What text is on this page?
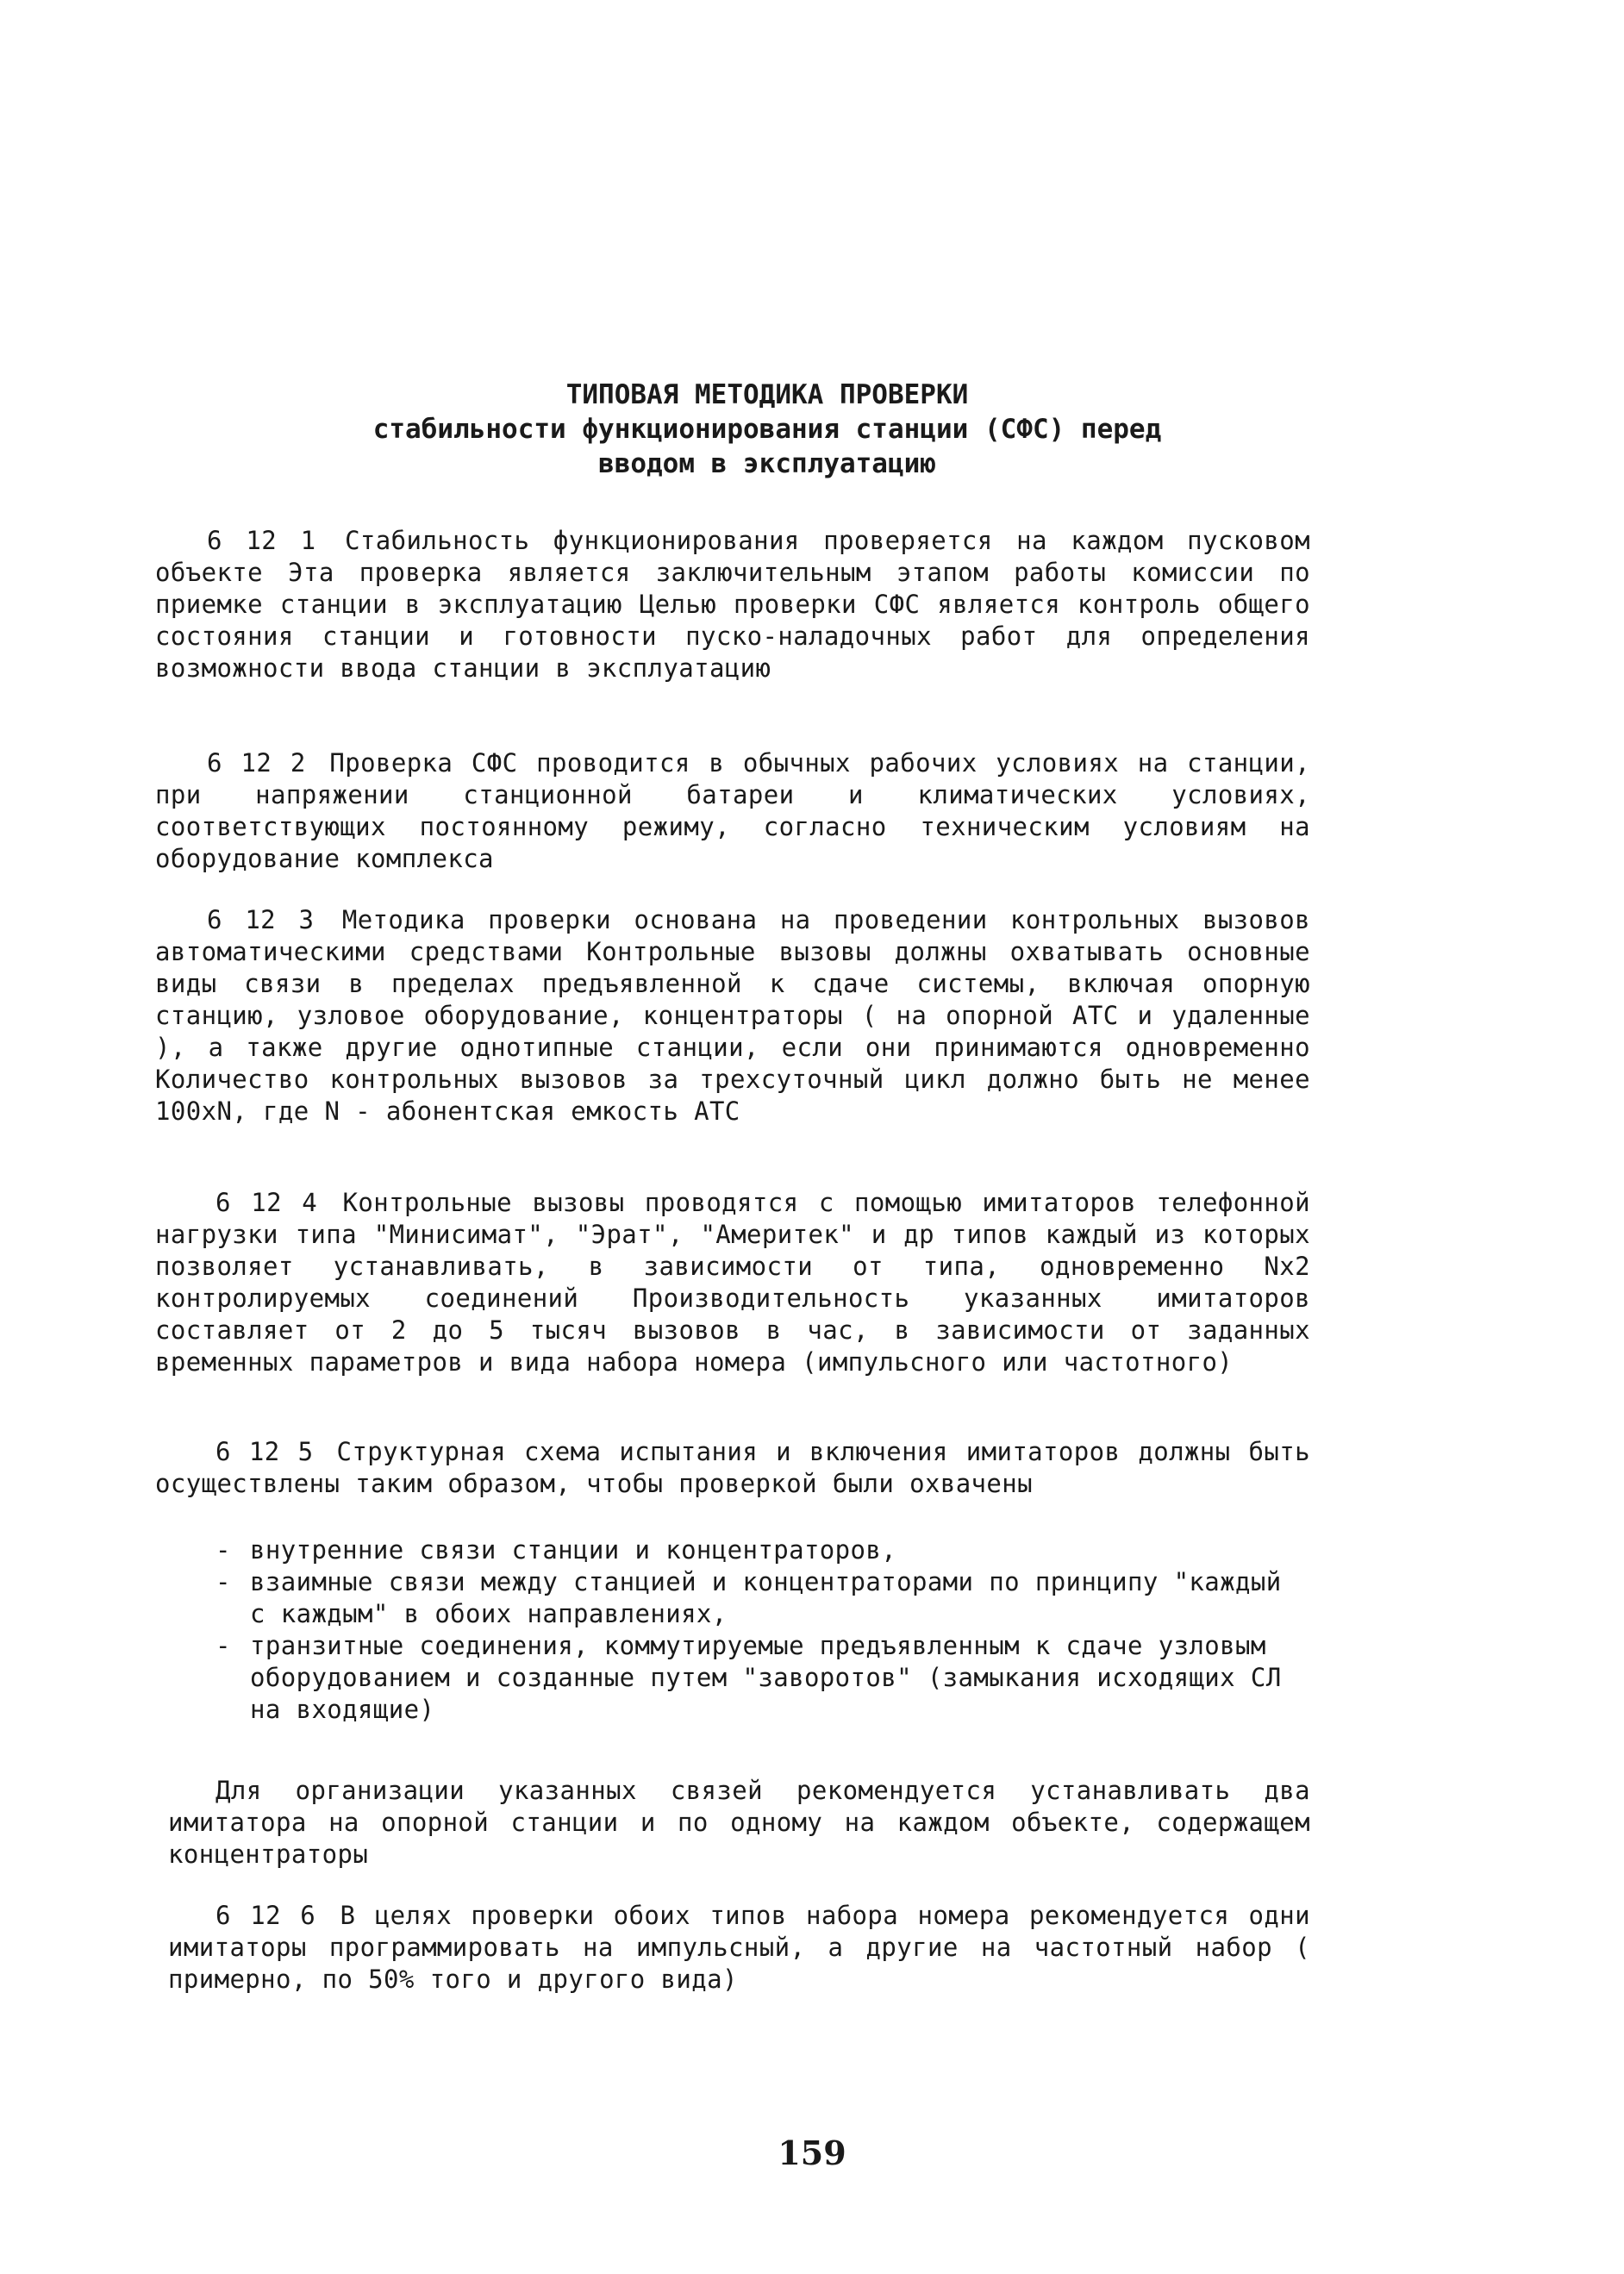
ТИПОВАЯ МЕТОДИКА ПРОВЕРКИ
стабильности функционирования станции (СФС) перед
вводом в эксплуатацию

6 12 1 Стабильность функционирования проверяется на каждом пусковом объекте Эта проверка является заключительным этапом работы комиссии по приемке станции в эксплуатацию Целью проверки СФС является контроль общего состояния станции и готовности пуско-наладочных работ для определения возможности ввода станции в эксплуатацию

6 12 2 Проверка СФС проводится в обычных рабочих условиях на станции, при напряжении станционной батареи и климатических условиях, соответствующих постоянному режиму, согласно техническим условиям на оборудование комплекса

6 12 3 Методика проверки основана на проведении контрольных вызовов автоматическими средствами Контрольные вызовы должны охватывать основные виды связи в пределах предъявленной к сдаче системы, включая опорную станцию, узловое оборудование, концентраторы ( на опорной АТС и удаленные ), а также другие однотипные станции, если они принимаются одновременно Количество контрольных вызовов за трехсуточный цикл должно быть не менее 100xN, где N - абонентская емкость АТС

6 12 4 Контрольные вызовы проводятся с помощью имитаторов телефонной нагрузки типа "Минисимат", "Эрат", "Америтек" и др типов каждый из которых позволяет устанавливать, в зависимости от типа, одновременно Nx2 контролируемых соединений Производительность указанных имитаторов составляет от 2 до 5 тысяч вызовов в час, в зависимости от заданных временных параметров и вида набора номера (импульсного или частотного)

6 12 5 Структурная схема испытания и включения имитаторов должны быть осуществлены таким образом, чтобы проверкой были охвачены

- внутренние связи станции и концентраторов,
- взаимные связи между станцией и концентраторами по принципу "каждый с каждым" в обоих направлениях,
- транзитные соединения, коммутируемые предъявленным к сдаче узловым оборудованием и созданные путем "заворотов" (замыкания исходящих СЛ на входящие)

Для организации указанных связей рекомендуется устанавливать два имитатора на опорной станции и по одному на каждом объекте, содержащем концентраторы

6 12 6 В целях проверки обоих типов набора номера рекомендуется одни имитаторы программировать на импульсный, а другие на частотный набор ( примерно, по 50% того и другого вида)

159
